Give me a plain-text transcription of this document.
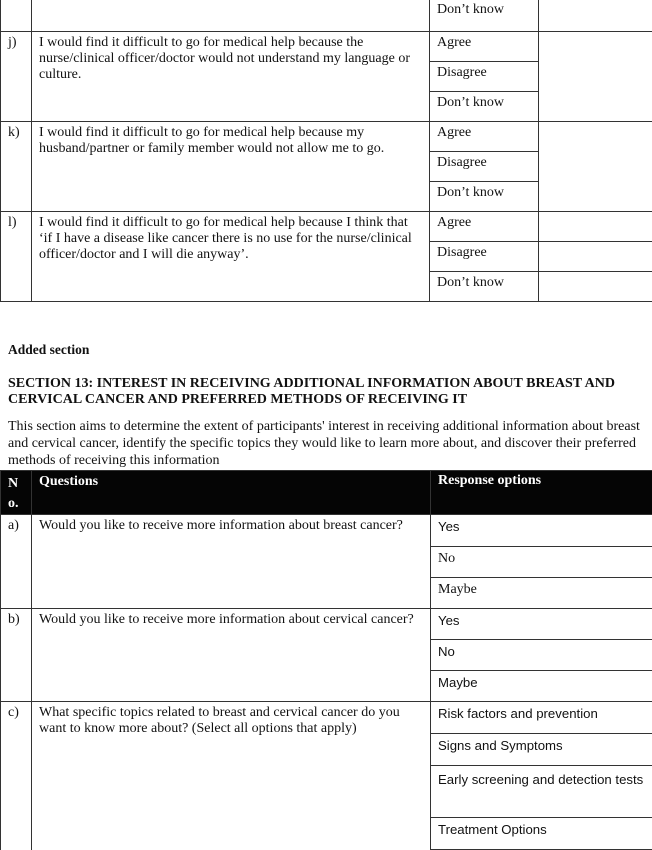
		Don’t know	
j)	I would find it difficult to go for medical help because the nurse/clinical officer/doctor would not understand my language or culture.	Agree	
		Disagree	
		Don’t know	
k)	I would find it difficult to go for medical help because my husband/partner or family member would not allow me to go.	Agree	
		Disagree	
		Don’t know	
l)	I would find it difficult to go for medical help because I think that ‘if I have a disease like cancer there is no use for the nurse/clinical officer/doctor and I will die anyway’.	Agree	
		Disagree	
		Don’t know	
Added section
SECTION 13: INTEREST IN RECEIVING ADDITIONAL INFORMATION ABOUT BREAST AND CERVICAL CANCER AND PREFERRED METHODS OF RECEIVING IT
This section aims to determine the extent of participants' interest in receiving additional information about breast and cervical cancer, identify the specific topics they would like to learn more about, and discover their preferred methods of receiving this information
N
o.	Questions	Response options
a)	Would you like to receive more information about breast cancer?	Yes
		No
		Maybe
b)	Would you like to receive more information about cervical cancer?	Yes
		No
		Maybe
c)	What specific topics related to breast and cervical cancer do you want to know more about? (Select all options that apply)	Risk factors and prevention
		Signs and Symptoms
		Early screening and detection tests
		Treatment Options
